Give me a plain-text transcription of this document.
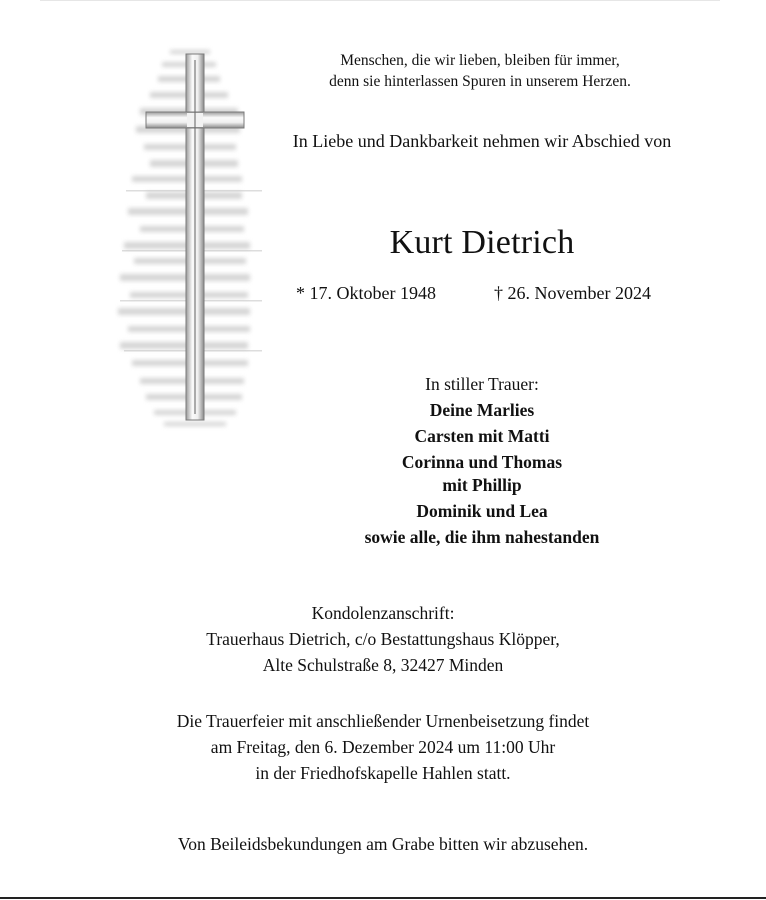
Menschen, die wir lieben, bleiben für immer,
denn sie hinterlassen Spuren in unserem Herzen.
In Liebe und Dankbarkeit nehmen wir Abschied von
Kurt Dietrich
* 17. Oktober 1948	† 26. November 2024
In stiller Trauer:
Deine Marlies
Carsten mit Matti
Corinna und Thomas
mit Phillip
Dominik und Lea
sowie alle, die ihm nahestanden
Kondolenzanschrift:
Trauerhaus Dietrich, c/o Bestattungshaus Klöpper,
Alte Schulstraße 8, 32427 Minden
Die Trauerfeier mit anschließender Urnenbeisetzung findet
am Freitag, den 6. Dezember 2024 um 11:00 Uhr
in der Friedhofskapelle Hahlen statt.
Von Beileidsbekundungen am Grabe bitten wir abzusehen.
